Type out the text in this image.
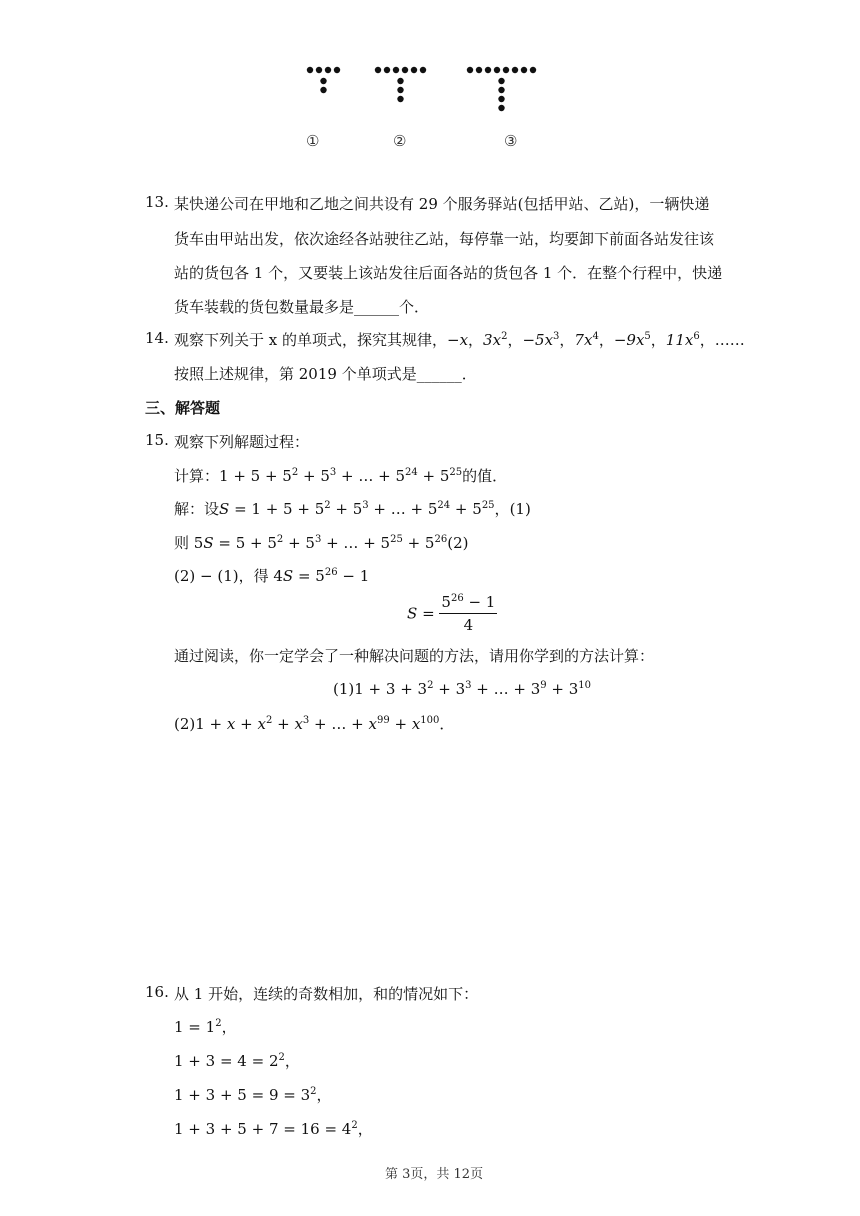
①	②	③
13. 某快递公司在甲地和乙地之间共设有 29 个服务驿站(包括甲站、乙站)，一辆快递
货车由甲站出发，依次途经各站驶往乙站，每停靠一站，均要卸下前面各站发往该
站的货包各 1 个，又要装上该站发往后面各站的货包各 1 个．在整个行程中，快递
货车装载的货包数量最多是______个．
14. 观察下列关于 x 的单项式，探究其规律，−x，$3x^2$，$-5x^3$，$7x^4$，$-9x^5$，$11x^6$，……
按照上述规律，第 2019 个单项式是______．
三、解答题
15. 观察下列解题过程：
计算：$1 + 5 + 5^2 + 5^3$ + … + $5^{24} + 5^{25}$的值．
解：设$S = 1 + 5 + 5^2 + 5^3$ + … + $5^{24} + 5^{25}$，(1)
则 $5S = 5 + 5^2 + 5^3$ + … + $5^{25} + 5^{26}(2)$
(2) − (1)，得 $4S = 5^{26} - 1$
$S = \frac{5^{26} - 1}{4}$
通过阅读，你一定学会了一种解决问题的方法，请用你学到的方法计算：
$(1)1 + 3 + 3^2 + 3^3$ + … + $3^9 + 3^{10}$
$(2)1 + x + x^2 + x^3$ + … + $x^{99} + x^{100}$．
16. 从 1 开始，连续的奇数相加，和的情况如下：
$1 = 1^2$，
$1 + 3 = 4 = 2^2$，
$1 + 3 + 5 = 9 = 3^2$，
$1 + 3 + 5 + 7 = 16 = 4^2$，
第 3页，共 12页
